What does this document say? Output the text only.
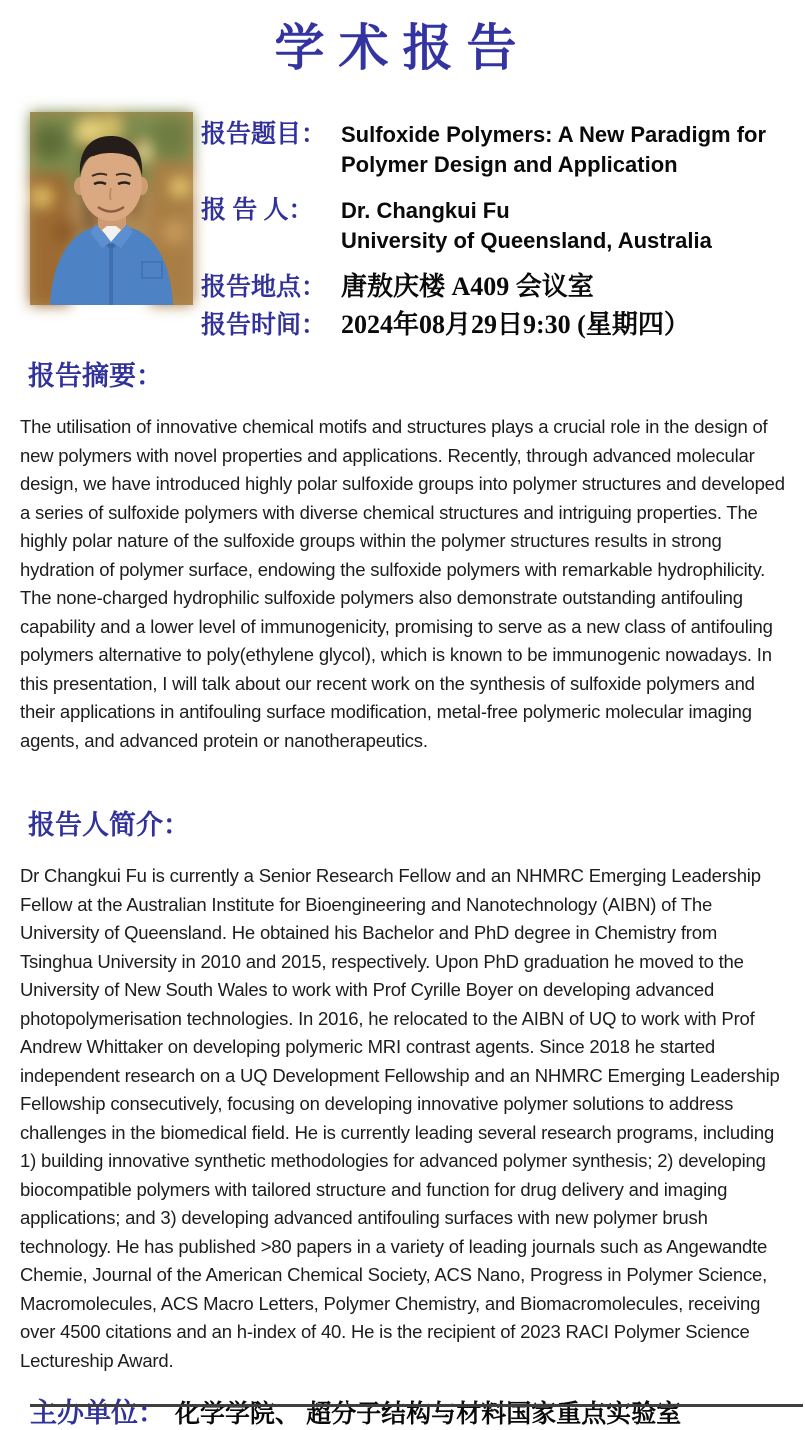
学术报告
报告题目： Sulfoxide Polymers: A New Paradigm for
Polymer Design and Application
报 告 人：	Dr. Changkui Fu
University of Queensland, Australia
报告地点： 唐敖庆楼 A409 会议室
报告时间： 2024年08月29日9:30 (星期四）
报告摘要：
The utilisation of innovative chemical motifs and structures plays a crucial role in the design of new polymers with novel properties and applications. Recently, through advanced molecular design, we have introduced highly polar sulfoxide groups into polymer structures and developed a series of sulfoxide polymers with diverse chemical structures and intriguing properties. The highly polar nature of the sulfoxide groups within the polymer structures results in strong hydration of polymer surface, endowing the sulfoxide polymers with remarkable hydrophilicity. The none-charged hydrophilic sulfoxide polymers also demonstrate outstanding antifouling capability and a lower level of immunogenicity, promising to serve as a new class of antifouling polymers alternative to poly(ethylene glycol), which is known to be immunogenic nowadays. In this presentation, I will talk about our recent work on the synthesis of sulfoxide polymers and their applications in antifouling surface modification, metal-free polymeric molecular imaging agents, and advanced protein or nanotherapeutics.
报告人简介：
Dr Changkui Fu is currently a Senior Research Fellow and an NHMRC Emerging Leadership Fellow at the Australian Institute for Bioengineering and Nanotechnology (AIBN) of The University of Queensland. He obtained his Bachelor and PhD degree in Chemistry from Tsinghua University in 2010 and 2015, respectively. Upon PhD graduation he moved to the University of New South Wales to work with Prof Cyrille Boyer on developing advanced photopolymerisation technologies. In 2016, he relocated to the AIBN of UQ to work with Prof Andrew Whittaker on developing polymeric MRI contrast agents. Since 2018 he started independent research on a UQ Development Fellowship and an NHMRC Emerging Leadership Fellowship consecutively, focusing on developing innovative polymer solutions to address challenges in the biomedical field. He is currently leading several research programs, including 1) building innovative synthetic methodologies for advanced polymer synthesis; 2) developing biocompatible polymers with tailored structure and function for drug delivery and imaging applications; and 3) developing advanced antifouling surfaces with new polymer brush technology. He has published >80 papers in a variety of leading journals such as Angewandte Chemie, Journal of the American Chemical Society, ACS Nano, Progress in Polymer Science, Macromolecules, ACS Macro Letters, Polymer Chemistry, and Biomacromolecules, receiving over 4500 citations and an h-index of 40. He is the recipient of 2023 RACI Polymer Science Lectureship Award.
主办单位： 化学学院、 超分子结构与材料国家重点实验室
